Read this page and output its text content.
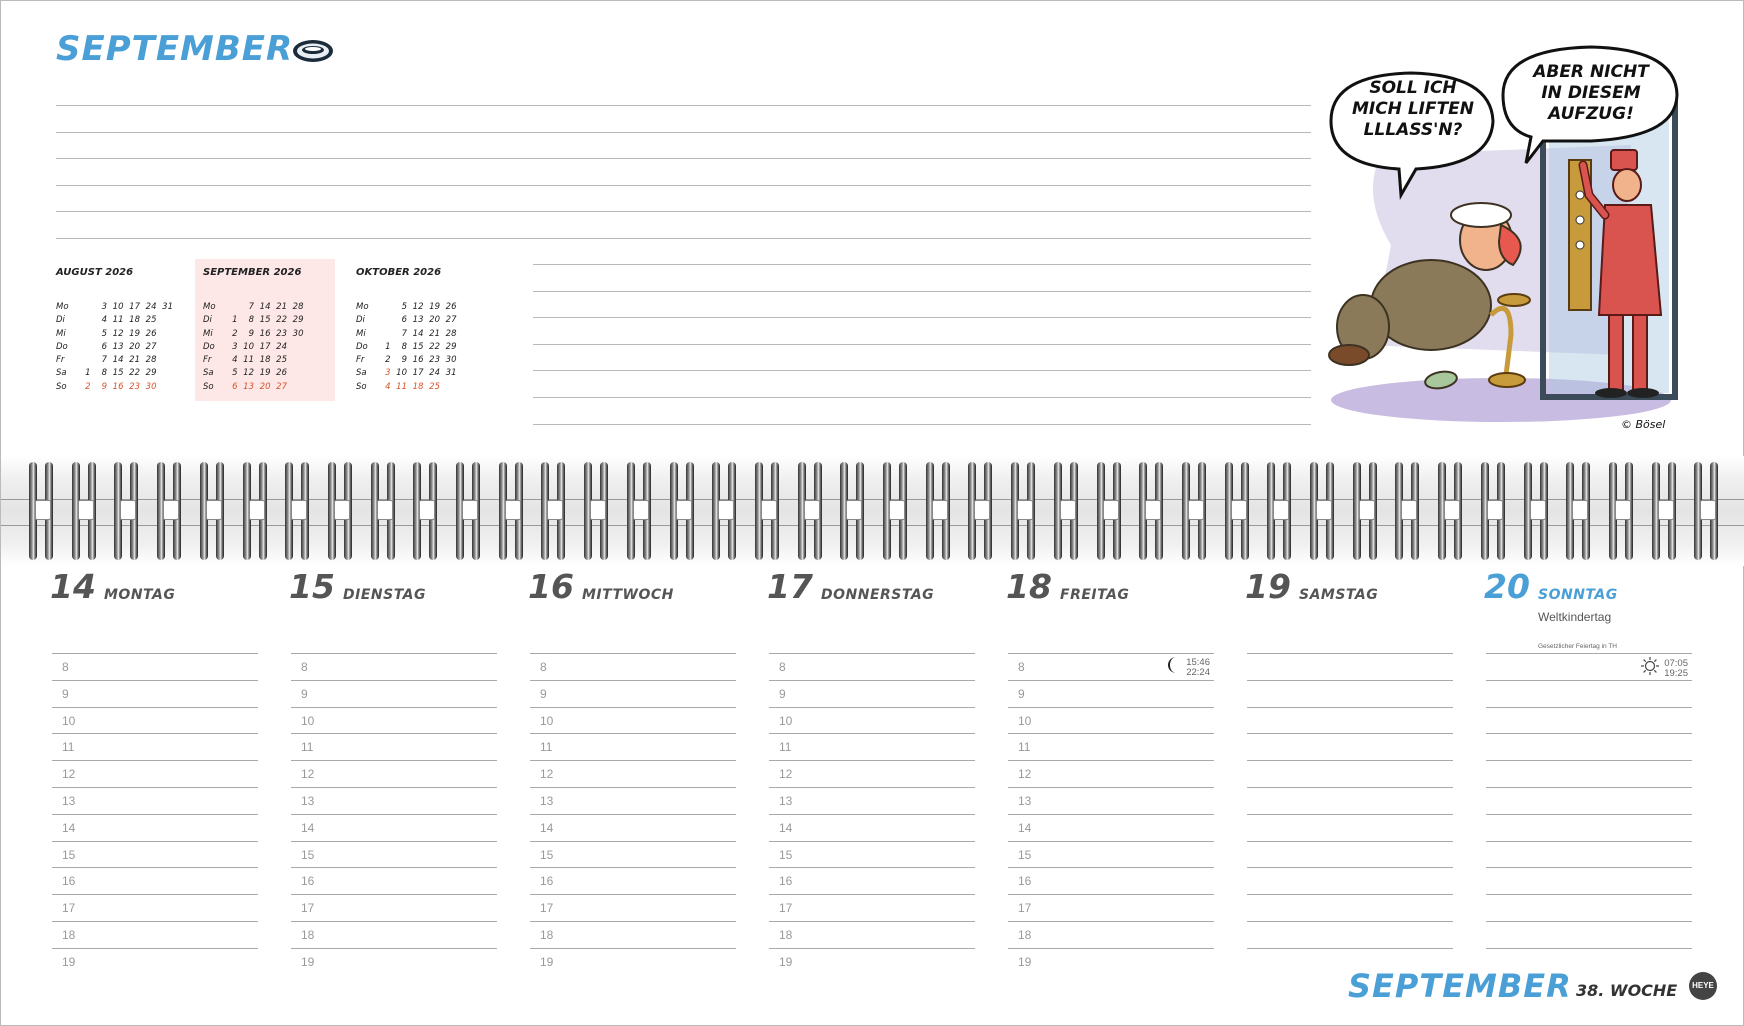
SEPTEMBER
AUGUST 2026
Mo	3 10 17 24 31
Di	4 11 18 25
Mi	5 12 19 26
Do	6 13 20 27
Fr	7 14 21 28
Sa	1	8 15 22 29
So	2	9 16 23 30
SEPTEMBER 2026
Mo	7 14 21 28
Di	1	8 15 22 29
Mi	2	9 16 23 30
Do	3 10 17 24
Fr	4 11 18 25
Sa	5 12 19 26
So	6 13 20 27
OKTOBER 2026
Mo	5 12 19 26
Di	6 13 20 27
Mi	7 14 21 28
Do	1	8 15 22 29
Fr	2	9 16 23 30
Sa	3 10 17 24 31
So	4 11 18 25
SOLL ICH
MICH LIFTEN
LLLASS'N?
ABER NICHT
IN DIESEM
AUFZUG!
© Bösel
14 MONTAG
8
9
10
11
12
13
14
15
16
17
18
19
15 DIENSTAG
8
9
10
11
12
13
14
15
16
17
18
19
16 MITTWOCH
8
9
10
11
12
13
14
15
16
17
18
19
17 DONNERSTAG
8
9
10
11
12
13
14
15
16
17
18
19
18 FREITAG
8	15:46
22:24
9
10
11
12
13
14
15
16
17
18
19
19 SAMSTAG	20 SONNTAG
Weltkindertag
Gesetzlicher Feiertag in TH
07:05
19:25
SEPTEMBER 38. WOCHE	HEYE
